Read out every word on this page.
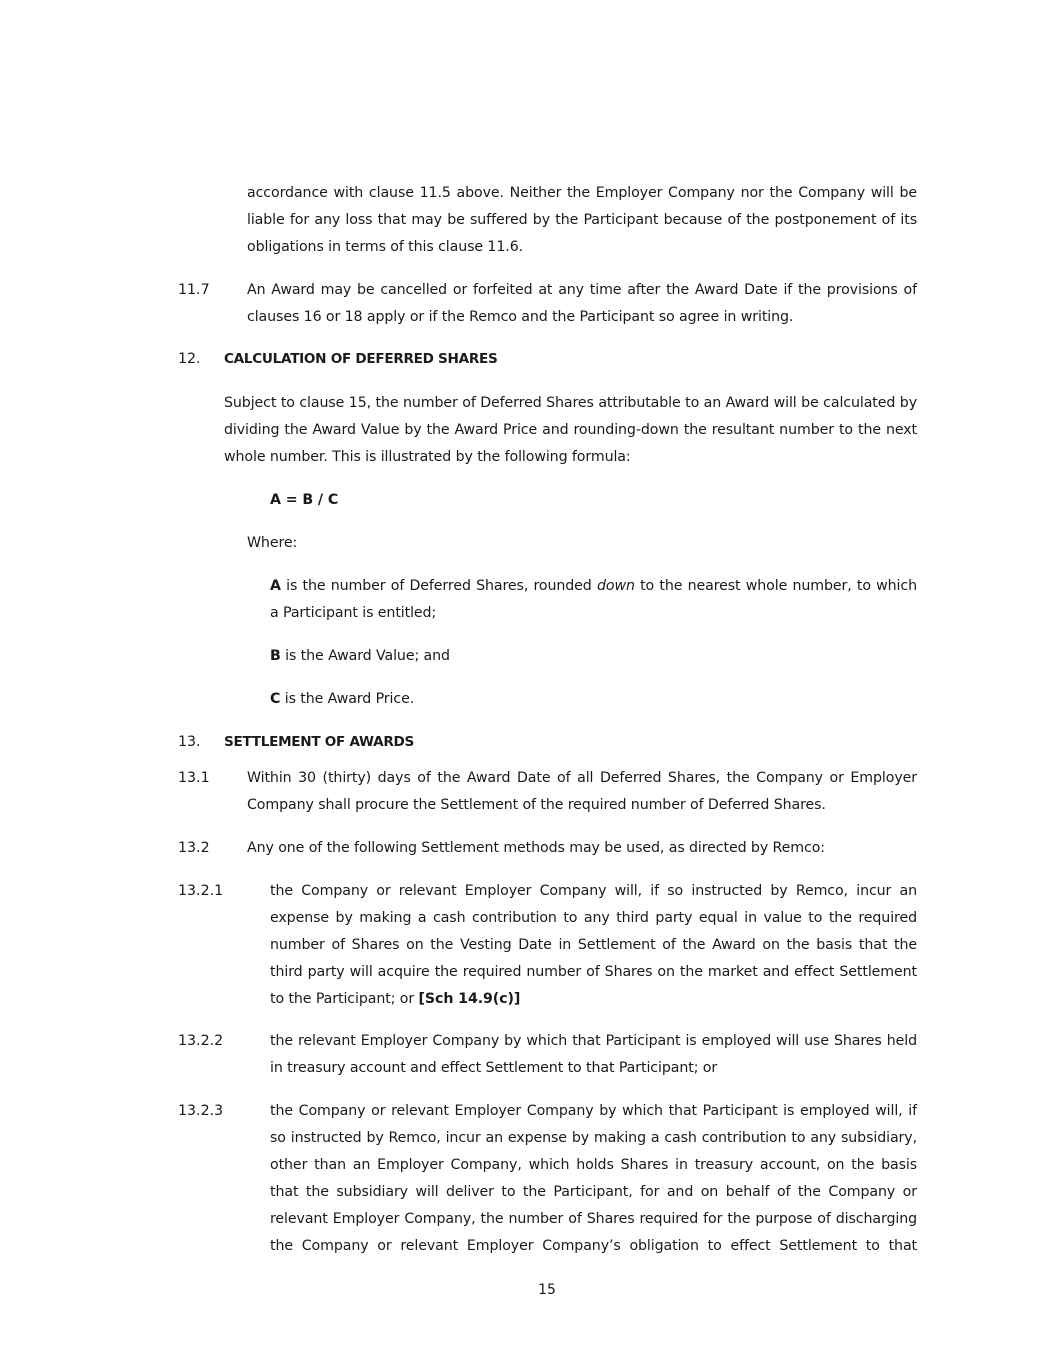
accordance with clause 11.5 above. Neither the Employer Company nor the Company will be liable for any loss that may be suffered by the Participant because of the postponement of its obligations in terms of this clause 11.6.

11.7	An Award may be cancelled or forfeited at any time after the Award Date if the provisions of clauses 16 or 18 apply or if the Remco and the Participant so agree in writing.

12. CALCULATION OF DEFERRED SHARES

Subject to clause 15, the number of Deferred Shares attributable to an Award will be calculated by dividing the Award Value by the Award Price and rounding-down the resultant number to the next whole number. This is illustrated by the following formula:

A = B / C

Where:

A is the number of Deferred Shares, rounded down to the nearest whole number, to which a Participant is entitled;

B is the Award Value; and

C is the Award Price.

13. SETTLEMENT OF AWARDS

13.1	Within 30 (thirty) days of the Award Date of all Deferred Shares, the Company or Employer Company shall procure the Settlement of the required number of Deferred Shares.

13.2	Any one of the following Settlement methods may be used, as directed by Remco:

13.2.1	the Company or relevant Employer Company will, if so instructed by Remco, incur an expense by making a cash contribution to any third party equal in value to the required number of Shares on the Vesting Date in Settlement of the Award on the basis that the third party will acquire the required number of Shares on the market and effect Settlement to the Participant; or [Sch 14.9(c)]

13.2.2	the relevant Employer Company by which that Participant is employed will use Shares held in treasury account and effect Settlement to that Participant; or

13.2.3	the Company or relevant Employer Company by which that Participant is employed will, if so instructed by Remco, incur an expense by making a cash contribution to any subsidiary, other than an Employer Company, which holds Shares in treasury account, on the basis that the subsidiary will deliver to the Participant, for and on behalf of the Company or relevant Employer Company, the number of Shares required for the purpose of discharging the Company or relevant Employer Company’s obligation to effect Settlement to that

15
